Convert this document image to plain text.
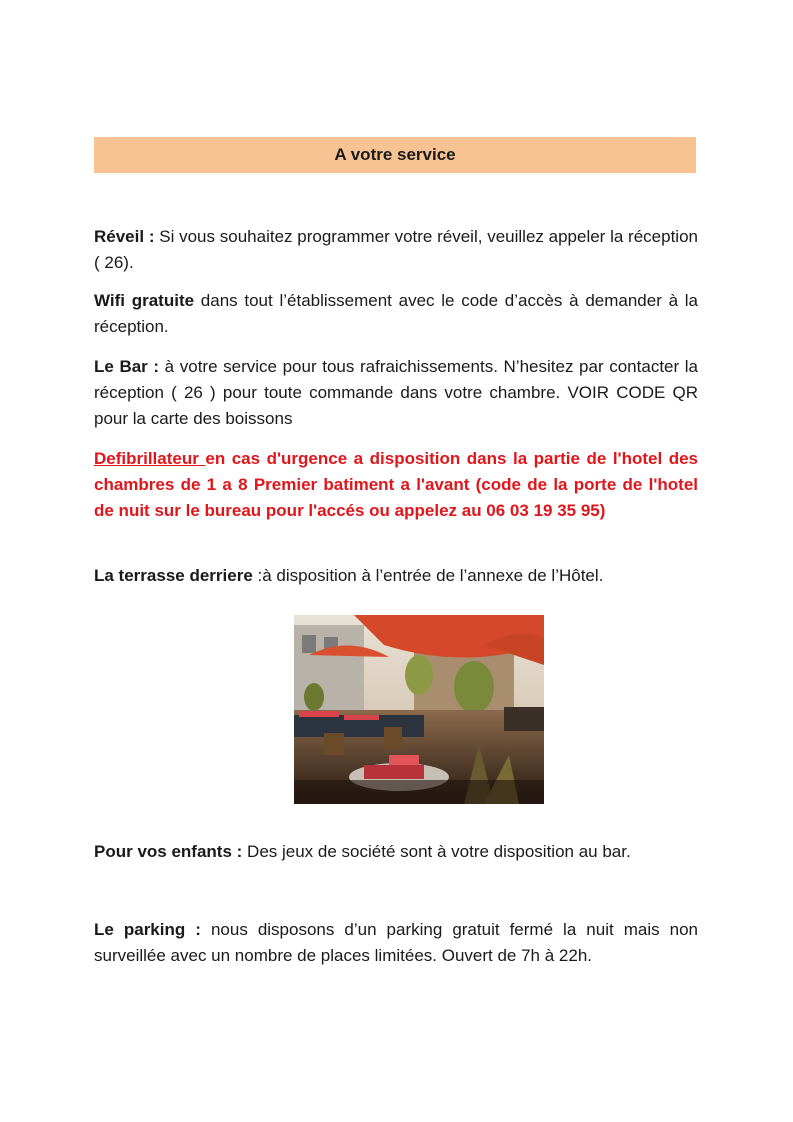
A votre service

Réveil : Si vous souhaitez programmer votre réveil, veuillez appeler la réception ( 26).

Wifi gratuite dans tout l’établissement avec le code d’accès à demander à la réception.

Le Bar : à votre service pour tous rafraichissements. N’hesitez par contacter la réception ( 26 ) pour toute commande dans votre chambre. VOIR CODE QR pour la carte des boissons

Defibrillateur en cas d'urgence a disposition dans la partie de l'hotel des chambres de 1 a 8 Premier batiment a l'avant (code de la porte de l'hotel de nuit sur le bureau pour l'accés ou appelez au 06 03 19 35 95)

La terrasse derriere :à disposition à l’entrée de l’annexe de l’Hôtel.

Pour vos enfants : Des jeux de société sont à votre disposition au bar.

Le parking : nous disposons d’un parking gratuit fermé la nuit mais non surveillée avec un nombre de places limitées. Ouvert de 7h à 22h.
